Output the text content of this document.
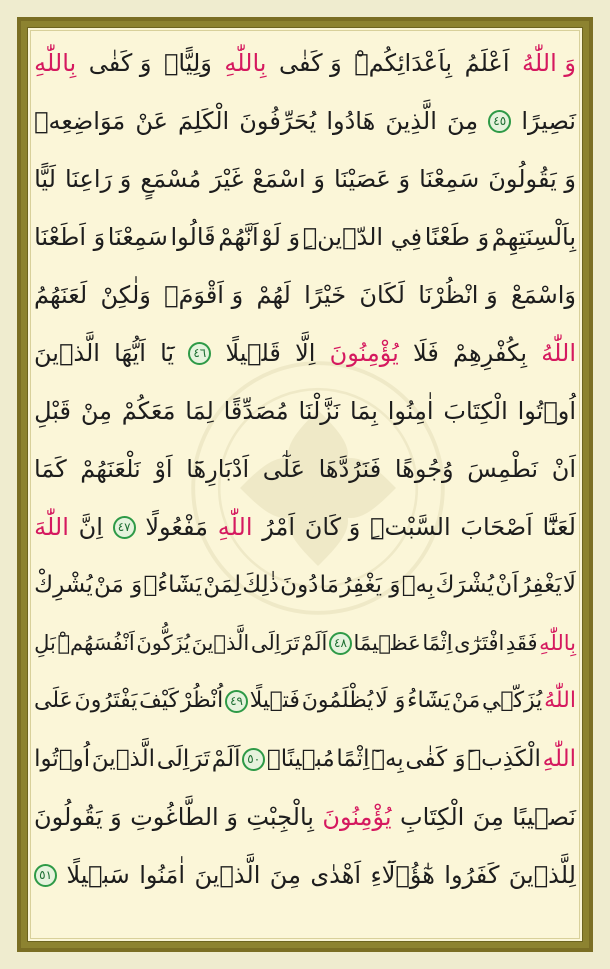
وَ اللّٰهُ
اَعْلَمُ
بِاَعْدَائِكُمْۜ
وَ كَفٰى
بِاللّٰهِ
وَلِيًّاۗ
وَ كَفٰى
بِاللّٰهِ
نَصِيرًا
٤٥
مِنَ
الَّذِينَ
هَادُوا
يُحَرِّفُونَ
الْكَلِمَ
عَنْ
مَوَاضِعِه۪
وَ يَقُولُونَ
سَمِعْنَا
وَ عَصَيْنَا
وَ اسْمَعْ
غَيْرَ
مُسْمَعٍ
وَ رَاعِنَا
لَيًّا
بِاَلْسِنَتِهِمْ
وَ طَعْنًا
فِي الدّ۪ينِۜ
وَ لَوْ
اَنَّهُمْ
قَالُوا
سَمِعْنَا
وَ اَطَعْنَا
وَاسْمَعْ
وَ انْظُرْنَا
لَكَانَ
خَيْرًا
لَهُمْ
وَ اَقْوَمَۙ
وَلٰكِنْ
لَعَنَهُمُ
اللّٰهُ
بِكُفْرِهِمْ
فَلَا
يُؤْمِنُونَ
اِلَّا
قَل۪يلًا
٤٦
يَٓا
اَيُّهَا
الَّذ۪ينَ
اُو۫تُوا
الْكِتَابَ
اٰمِنُوا
بِمَا
نَزَّلْنَا
مُصَدِّقًا
لِمَا
مَعَكُمْ
مِنْ
قَبْلِ
اَنْ
نَطْمِسَ
وُجُوهًا
فَنَرُدَّهَا
عَلٰٓى
اَدْبَارِهَٓا
اَوْ
نَلْعَنَهُمْ
كَمَا
لَعَنَّٓا
اَصْحَابَ
السَّبْتِۜ
وَ كَانَ
اَمْرُ
اللّٰهِ
مَفْعُولًا
٤٧
اِنَّ
اللّٰهَ
لَا
يَغْفِرُ
اَنْ
يُشْرَكَ
بِه۪
وَ يَغْفِرُ
مَا
دُونَ
ذٰلِكَ
لِمَنْ
يَشَٓاءُۚ
وَ مَنْ
يُشْرِكْ
بِاللّٰهِ
فَقَدِ
افْتَرٰٓى
اِثْمًا
عَظ۪يمًا
٤٨
اَلَمْ
تَرَ
اِلَى
الَّذ۪ينَ
يُزَكُّونَ
اَنْفُسَهُمْۜ
بَلِ
اللّٰهُ
يُزَكّ۪ي
مَنْ
يَشَٓاءُ
وَ لَا
يُظْلَمُونَ
فَت۪يلًا
٤٩
اُنْظُرْ
كَيْفَ
يَفْتَرُونَ
عَلَى
اللّٰهِ
الْكَذِبَۜ
وَ كَفٰى
بِه۪ٓ
اِثْمًا
مُب۪ينًا۟
٥٠
اَلَمْ
تَرَ
اِلَى
الَّذ۪ينَ
اُو۫تُوا
نَص۪يبًا
مِنَ
الْكِتَابِ
يُؤْمِنُونَ
بِالْجِبْتِ
وَ الطَّاغُوتِ
وَ يَقُولُونَ
لِلَّذ۪ينَ
كَفَرُوا
هٰٓؤُ۬لَٓاءِ
اَهْدٰى
مِنَ
الَّذ۪ينَ
اٰمَنُوا
سَب۪يلًا
٥١
